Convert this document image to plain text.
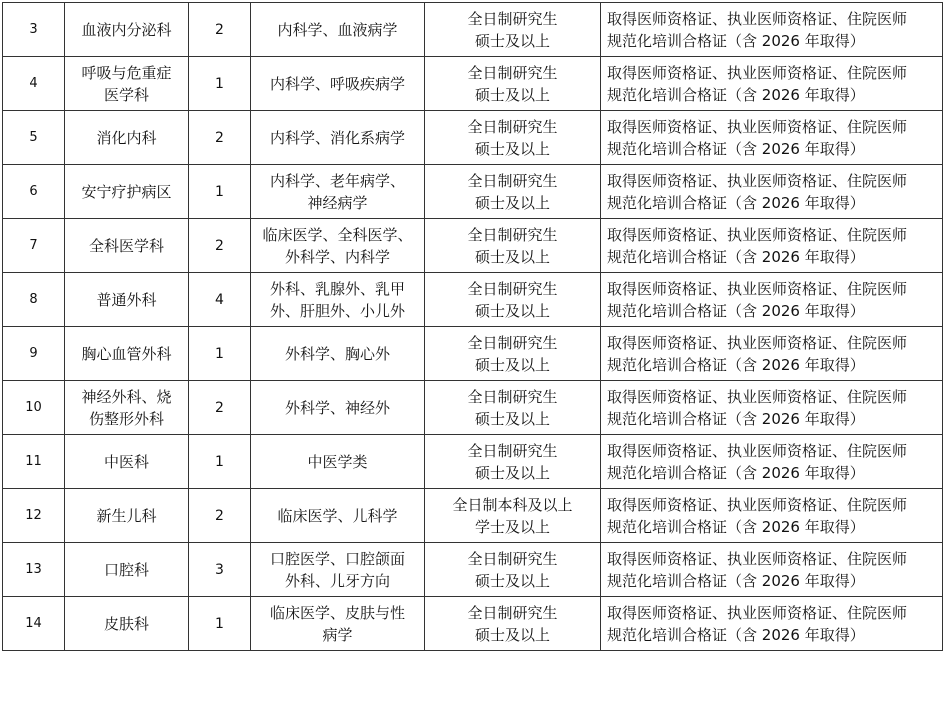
3	血液内分泌科	2	内科学、血液病学	全日制研究生
硕士及以上	取得医师资格证、执业医师资格证、住院医师
规范化培训合格证（含 2026 年取得）

4	呼吸与危重症
医学科	1	内科学、呼吸疾病学	全日制研究生
硕士及以上	取得医师资格证、执业医师资格证、住院医师
规范化培训合格证（含 2026 年取得）

5	消化内科	2	内科学、消化系病学	全日制研究生
硕士及以上	取得医师资格证、执业医师资格证、住院医师
规范化培训合格证（含 2026 年取得）

6	安宁疗护病区	1	内科学、老年病学、
神经病学	全日制研究生
硕士及以上	取得医师资格证、执业医师资格证、住院医师
规范化培训合格证（含 2026 年取得）

7	全科医学科	2	临床医学、全科医学、
外科学、内科学	全日制研究生
硕士及以上	取得医师资格证、执业医师资格证、住院医师
规范化培训合格证（含 2026 年取得）

8	普通外科	4	外科、乳腺外、乳甲
外、肝胆外、小儿外	全日制研究生
硕士及以上	取得医师资格证、执业医师资格证、住院医师
规范化培训合格证（含 2026 年取得）

9	胸心血管外科	1	外科学、胸心外	全日制研究生
硕士及以上	取得医师资格证、执业医师资格证、住院医师
规范化培训合格证（含 2026 年取得）

10	神经外科、烧
伤整形外科	2	外科学、神经外	全日制研究生
硕士及以上	取得医师资格证、执业医师资格证、住院医师
规范化培训合格证（含 2026 年取得）

11	中医科	1	中医学类	全日制研究生
硕士及以上	取得医师资格证、执业医师资格证、住院医师
规范化培训合格证（含 2026 年取得）

12	新生儿科	2	临床医学、儿科学	全日制本科及以上
学士及以上	取得医师资格证、执业医师资格证、住院医师
规范化培训合格证（含 2026 年取得）

13	口腔科	3	口腔医学、口腔颌面
外科、儿牙方向	全日制研究生
硕士及以上	取得医师资格证、执业医师资格证、住院医师
规范化培训合格证（含 2026 年取得）

14	皮肤科	1	临床医学、皮肤与性
病学	全日制研究生
硕士及以上	取得医师资格证、执业医师资格证、住院医师
规范化培训合格证（含 2026 年取得）
